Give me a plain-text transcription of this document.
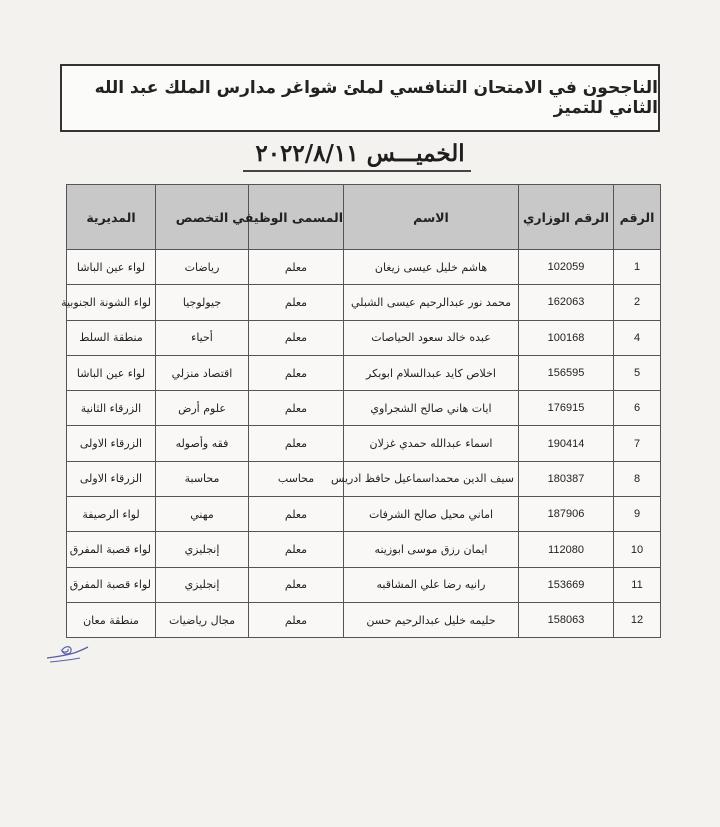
الناجحون في الامتحان التنافسي لملئ شواغر مدارس الملك عبد الله الثاني للتميز
الخميـــس ٢٠٢٢/٨/١١
الرقم	الرقم الوزاري	الاسم	المسمى الوظيفي	التخصص	المديرية
1	102059	هاشم خليل عيسى زيغان	معلم	رياضات	لواء عين الباشا
2	162063	محمد نور عبدالرحيم عيسى الشبلي	معلم	جيولوجيا	لواء الشونة الجنوبية
4	100168	عبده خالد سعود الحياصات	معلم	أحياء	منطقة السلط
5	156595	اخلاص كايد عبدالسلام ابوبكر	معلم	اقتصاد منزلي	لواء عين الباشا
6	176915	ايات هاني صالح الشجراوي	معلم	علوم أرض	الزرقاء الثانية
7	190414	اسماء عبدالله حمدي غزلان	معلم	فقه وأصوله	الزرقاء الاولى
8	180387	سيف الدين محمداسماعيل حافظ ادريس	محاسب	محاسبة	الزرقاء الاولى
9	187906	اماني محيل صالح الشرفات	معلم	مهني	لواء الرصيفة
10	112080	ايمان رزق موسى ابوزينه	معلم	إنجليزي	لواء قصبة المفرق
11	153669	رانيه رضا علي المشاقبه	معلم	إنجليزي	لواء قصبة المفرق
12	158063	حليمه خليل عبدالرحيم حسن	معلم	مجال رياضيات	منطقة معان
